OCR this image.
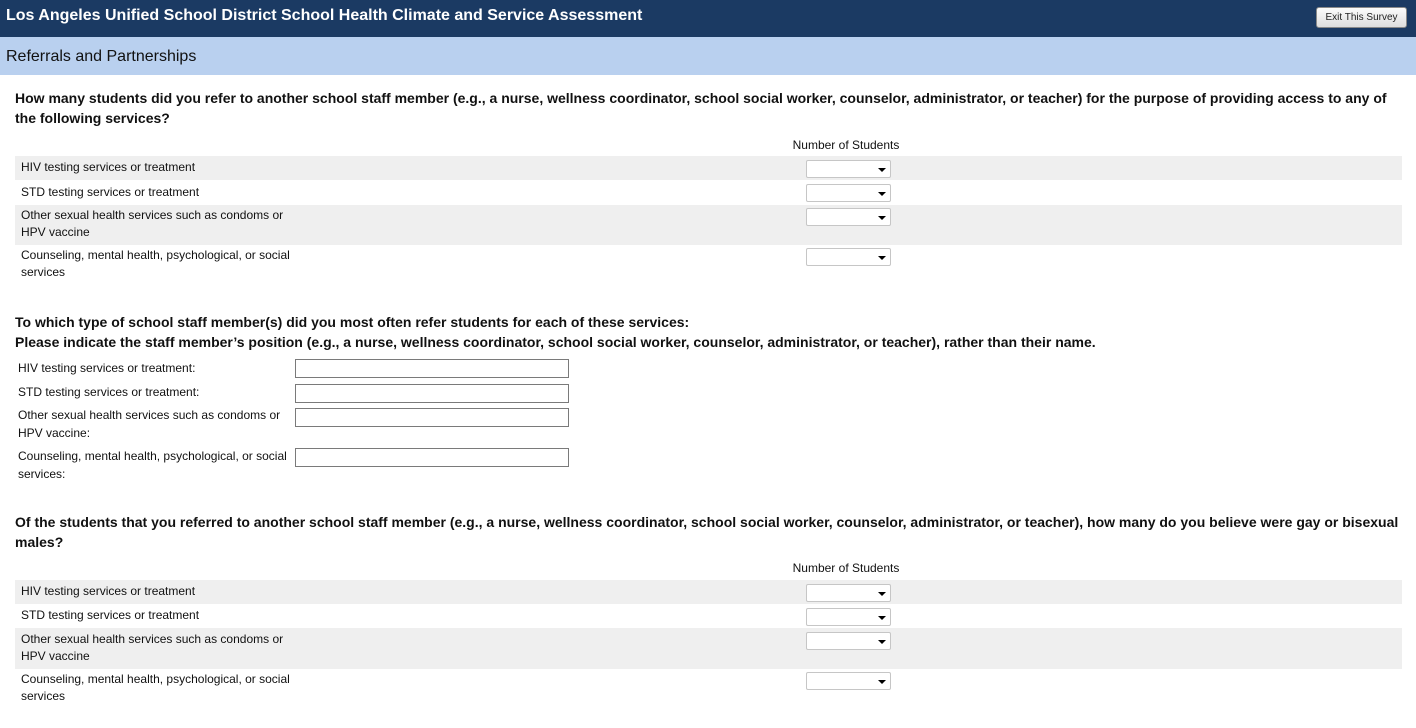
Los Angeles Unified School District School Health Climate and Service Assessment	Exit This Survey
Referrals and Partnerships
How many students did you refer to another school staff member (e.g., a nurse, wellness coordinator, school social worker, counselor, administrator, or teacher) for the purpose of providing access to any of the following services?
Number of Students
HIV testing services or treatment
STD testing services or treatment
Other sexual health services such as condoms or HPV vaccine
Counseling, mental health, psychological, or social services
To which type of school staff member(s) did you most often refer students for each of these services:
Please indicate the staff member’s position (e.g., a nurse, wellness coordinator, school social worker, counselor, administrator, or teacher), rather than their name.
HIV testing services or treatment:
STD testing services or treatment:
Other sexual health services such as condoms or HPV vaccine:
Counseling, mental health, psychological, or social services:
Of the students that you referred to another school staff member (e.g., a nurse, wellness coordinator, school social worker, counselor, administrator, or teacher), how many do you believe were gay or bisexual males?
Number of Students
HIV testing services or treatment
STD testing services or treatment
Other sexual health services such as condoms or HPV vaccine
Counseling, mental health, psychological, or social services
